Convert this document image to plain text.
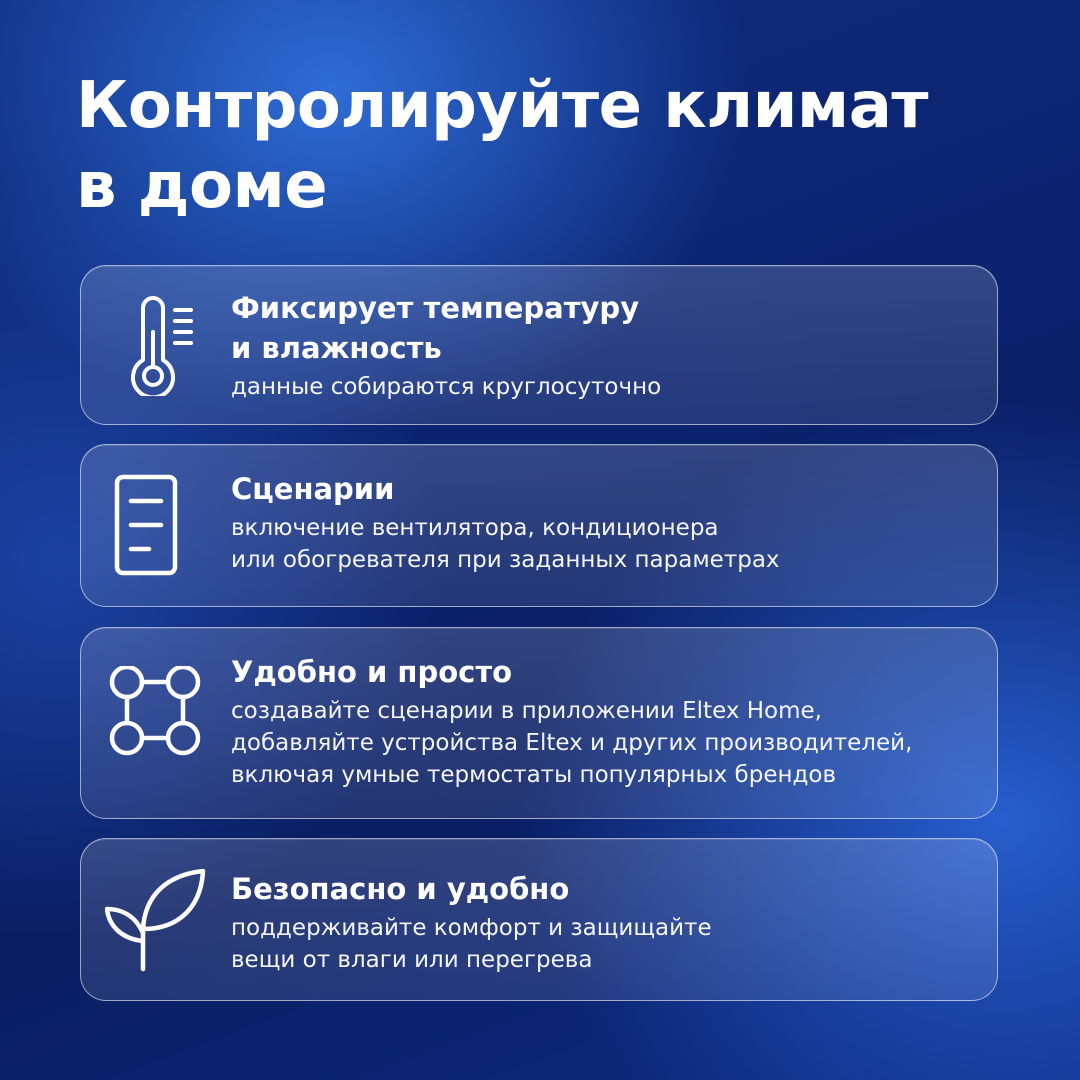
Контролируйте климат
в доме
Фиксирует температуру
и влажность
данные собираются круглосуточно
Сценарии
включение вентилятора, кондиционера
или обогревателя при заданных параметрах
Удобно и просто
создавайте сценарии в приложении Eltex Home,
добавляйте устройства Eltex и других производителей,
включая умные термостаты популярных брендов
Безопасно и удобно
поддерживайте комфорт и защищайте
вещи от влаги или перегрева
